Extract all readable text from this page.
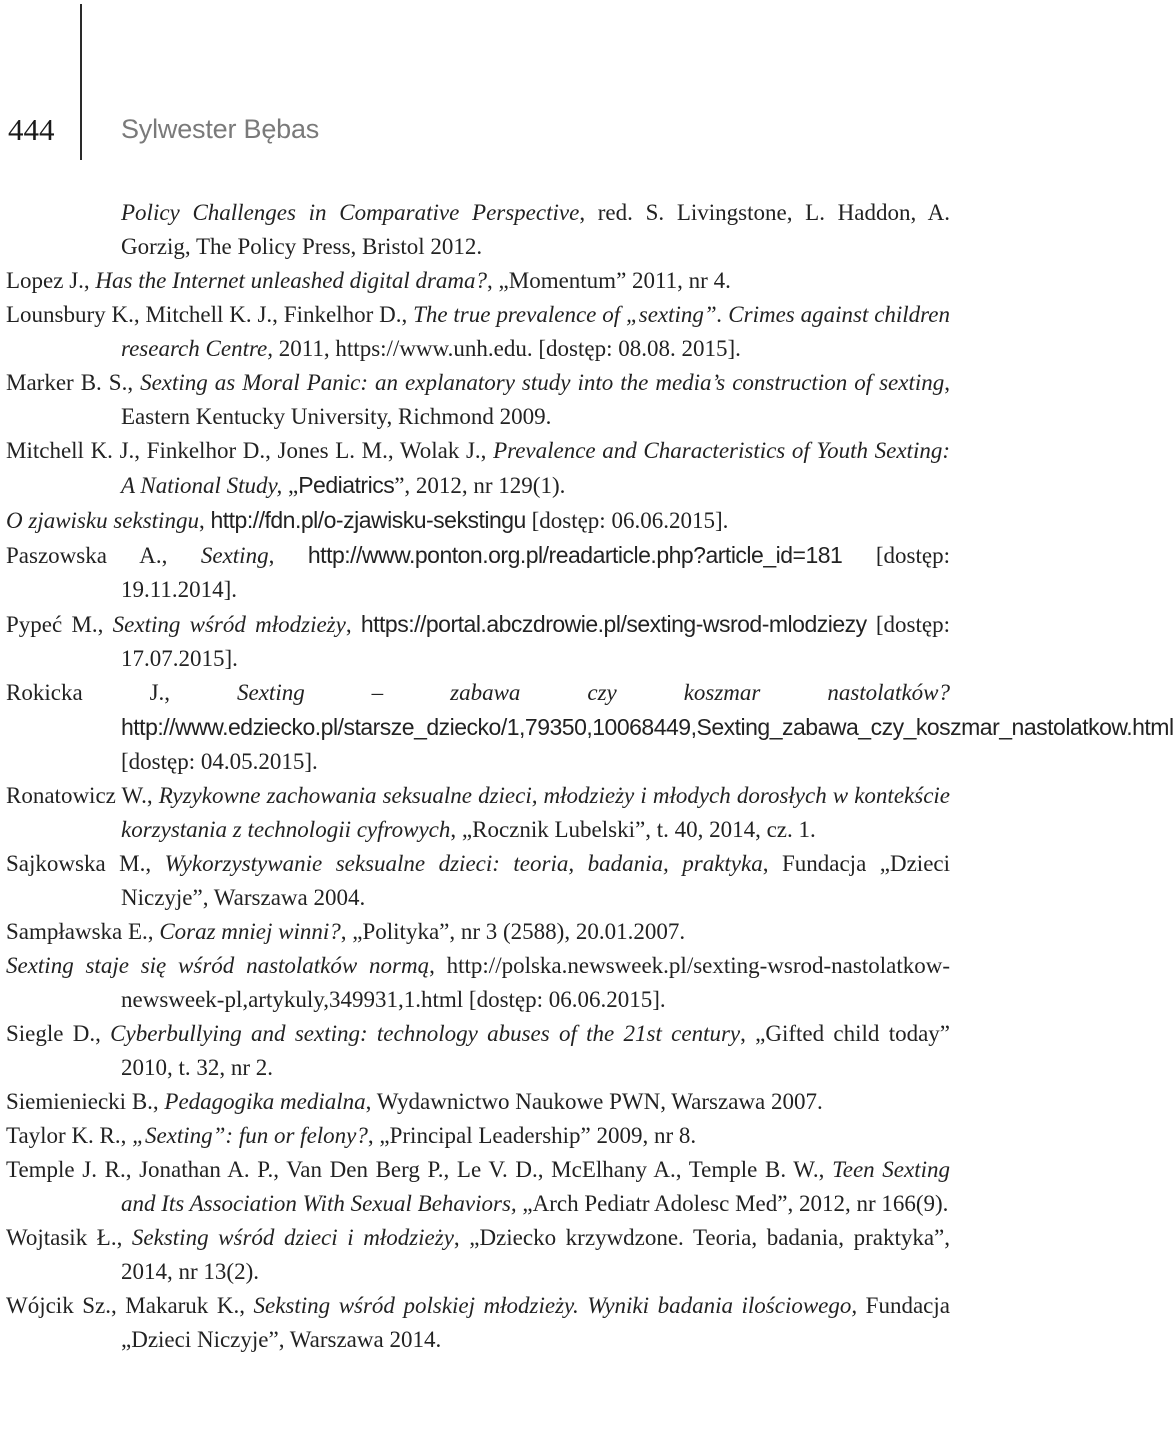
444 Sylwester Bębas
Policy Challenges in Comparative Perspective, red. S. Livingstone, L. Haddon, A. Gorzig, The Policy Press, Bristol 2012.
Lopez J., Has the Internet unleashed digital drama?, „Momentum” 2011, nr 4.
Lounsbury K., Mitchell K. J., Finkelhor D., The true prevalence of „sexting”. Crimes against children research Centre, 2011, https://www.unh.edu. [dostęp: 08.08. 2015].
Marker B. S., Sexting as Moral Panic: an explanatory study into the media’s construction of sexting, Eastern Kentucky University, Richmond 2009.
Mitchell K. J., Finkelhor D., Jones L. M., Wolak J., Prevalence and Characteristics of Youth Sexting: A National Study, „Pediatrics”, 2012, nr 129(1).
O zjawisku sekstingu, http://fdn.pl/o-zjawisku-sekstingu [dostęp: 06.06.2015].
Paszowska A., Sexting, http://www.ponton.org.pl/readarticle.php?article_id=181 [dostęp: 19.11.2014].
Pypeć M., Sexting wśród młodzieży, https://portal.abczdrowie.pl/sexting-wsrod-mlodziezy [dostęp: 17.07.2015].
Rokicka J., Sexting – zabawa czy koszmar nastolatków? http://www.edziecko.pl/starsze_dziecko/1,79350,10068449,Sexting_zabawa_czy_koszmar_nastolatkow.html [dostęp: 04.05.2015].
Ronatowicz W., Ryzykowne zachowania seksualne dzieci, młodzieży i młodych dorosłych w kontekście korzystania z technologii cyfrowych, „Rocznik Lubelski”, t. 40, 2014, cz. 1.
Sajkowska M., Wykorzystywanie seksualne dzieci: teoria, badania, praktyka, Fundacja „Dzieci Niczyje”, Warszawa 2004.
Sampławska E., Coraz mniej winni?, „Polityka”, nr 3 (2588), 20.01.2007.
Sexting staje się wśród nastolatków normą, http://polska.newsweek.pl/sexting-wsrod-nastolatkow-newsweek-pl,artykuly,349931,1.html [dostęp: 06.06.2015].
Siegle D., Cyberbullying and sexting: technology abuses of the 21st century, „Gifted child today” 2010, t. 32, nr 2.
Siemieniecki B., Pedagogika medialna, Wydawnictwo Naukowe PWN, Warszawa 2007.
Taylor K. R., „Sexting”: fun or felony?, „Principal Leadership” 2009, nr 8.
Temple J. R., Jonathan A. P., Van Den Berg P., Le V. D., McElhany A., Temple B. W., Teen Sexting and Its Association With Sexual Behaviors, „Arch Pediatr Adolesc Med”, 2012, nr 166(9).
Wojtasik Ł., Seksting wśród dzieci i młodzieży, „Dziecko krzywdzone. Teoria, badania, praktyka”, 2014, nr 13(2).
Wójcik Sz., Makaruk K., Seksting wśród polskiej młodzieży. Wyniki badania ilościowego, Fundacja „Dzieci Niczyje”, Warszawa 2014.
